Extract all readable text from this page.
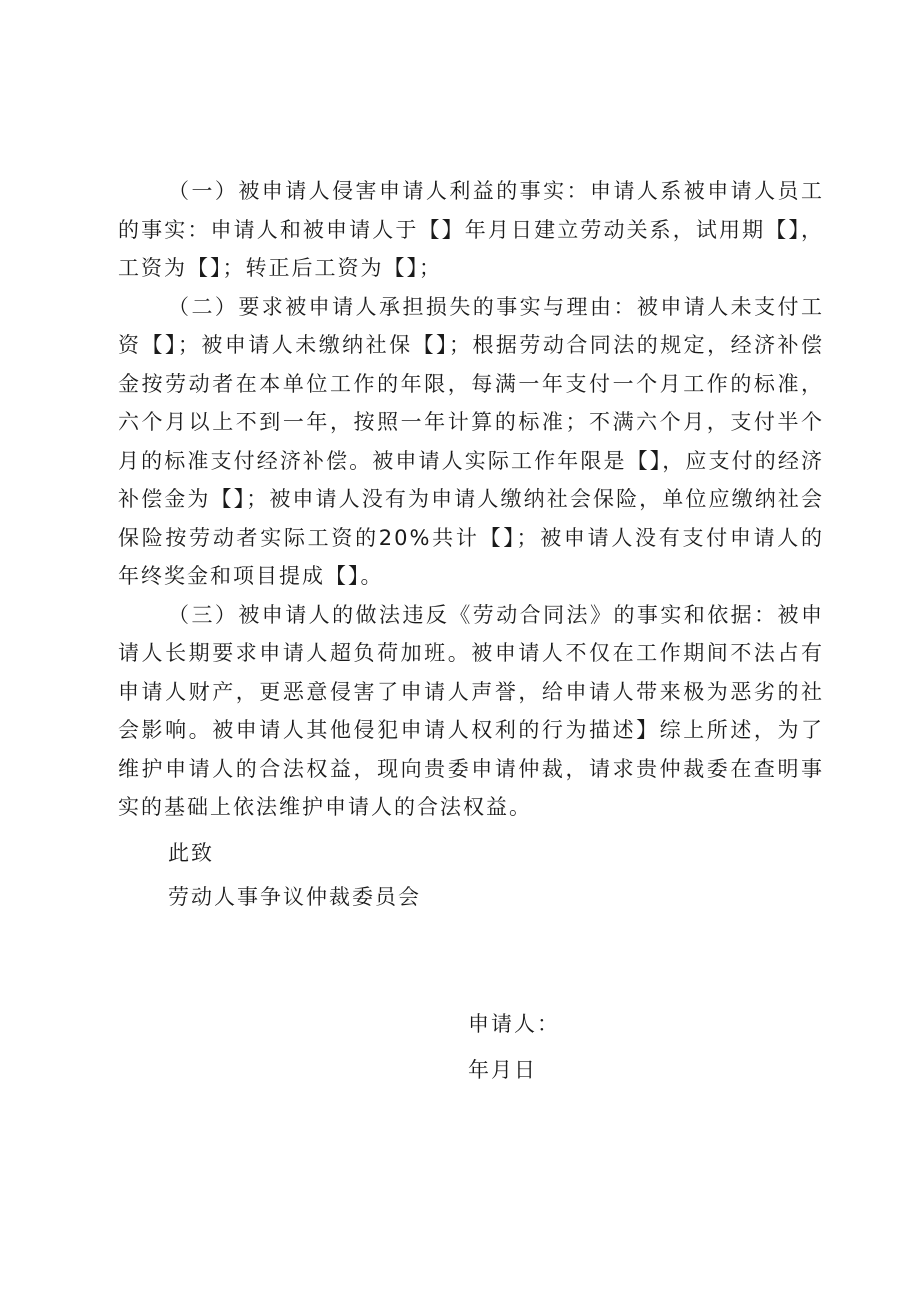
（一）被申请人侵害申请人利益的事实：申请人系被申请人员工的事实：申请人和被申请人于【】年月日建立劳动关系，试用期【】，工资为【】；转正后工资为【】；

（二）要求被申请人承担损失的事实与理由：被申请人未支付工资【】；被申请人未缴纳社保【】；根据劳动合同法的规定，经济补偿金按劳动者在本单位工作的年限，每满一年支付一个月工作的标准，六个月以上不到一年，按照一年计算的标准；不满六个月，支付半个月的标准支付经济补偿。被申请人实际工作年限是【】，应支付的经济补偿金为【】；被申请人没有为申请人缴纳社会保险，单位应缴纳社会保险按劳动者实际工资的20%共计【】；被申请人没有支付申请人的年终奖金和项目提成【】。

（三）被申请人的做法违反《劳动合同法》的事实和依据：被申请人长期要求申请人超负荷加班。被申请人不仅在工作期间不法占有申请人财产，更恶意侵害了申请人声誉，给申请人带来极为恶劣的社会影响。被申请人其他侵犯申请人权利的行为描述】综上所述，为了维护申请人的合法权益，现向贵委申请仲裁，请求贵仲裁委在查明事实的基础上依法维护申请人的合法权益。

此致

劳动人事争议仲裁委员会

申请人：

年月日
